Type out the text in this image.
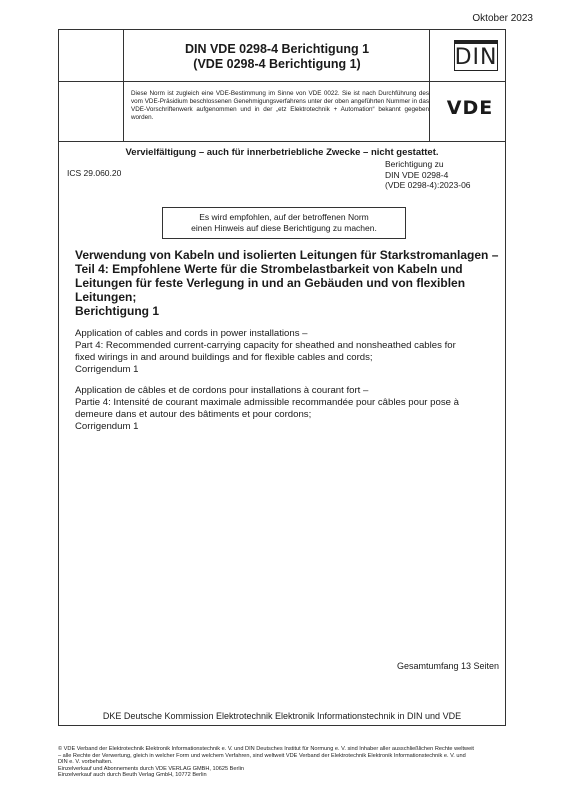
Oktober 2023
DIN VDE 0298-4 Berichtigung 1
(VDE 0298-4 Berichtigung 1)	DIN
Diese Norm ist zugleich eine VDE-Bestimmung im Sinne von VDE 0022. Sie ist nach Durchführung des vom VDE-Präsidium beschlossenen Genehmigungsverfahrens unter der oben angeführten Nummer in das VDE-Vorschriftenwerk aufgenommen und in der „etz Elektrotechnik + Automation“ bekannt gegeben worden.	VDE
Vervielfältigung – auch für innerbetriebliche Zwecke – nicht gestattet.
ICS 29.060.20
Berichtigung zu
DIN VDE 0298-4
(VDE 0298-4):2023-06
Es wird empfohlen, auf der betroffenen Norm
einen Hinweis auf diese Berichtigung zu machen.
Verwendung von Kabeln und isolierten Leitungen für Starkstromanlagen –
Teil 4: Empfohlene Werte für die Strombelastbarkeit von Kabeln und
Leitungen für feste Verlegung in und an Gebäuden und von flexiblen
Leitungen;
Berichtigung 1
Application of cables and cords in power installations –
Part 4: Recommended current-carrying capacity for sheathed and nonsheathed cables for
fixed wirings in and around buildings and for flexible cables and cords;
Corrigendum 1
Application de câbles et de cordons pour installations à courant fort –
Partie 4: Intensité de courant maximale admissible recommandée pour câbles pour pose à
demeure dans et autour des bâtiments et pour cordons;
Corrigendum 1
Gesamtumfang 13 Seiten
DKE Deutsche Kommission Elektrotechnik Elektronik Informationstechnik in DIN und VDE
© VDE Verband der Elektrotechnik Elektronik Informationstechnik e. V. und DIN Deutsches Institut für Normung e. V. sind Inhaber aller ausschließlichen Rechte weltweit
– alle Rechte der Verwertung, gleich in welcher Form und welchem Verfahren, sind weltweit VDE Verband der Elektrotechnik Elektronik Informationstechnik e. V. und
DIN e. V. vorbehalten.
Einzelverkauf und Abonnements durch VDE VERLAG GMBH, 10625 Berlin
Einzelverkauf auch durch Beuth Verlag GmbH, 10772 Berlin
